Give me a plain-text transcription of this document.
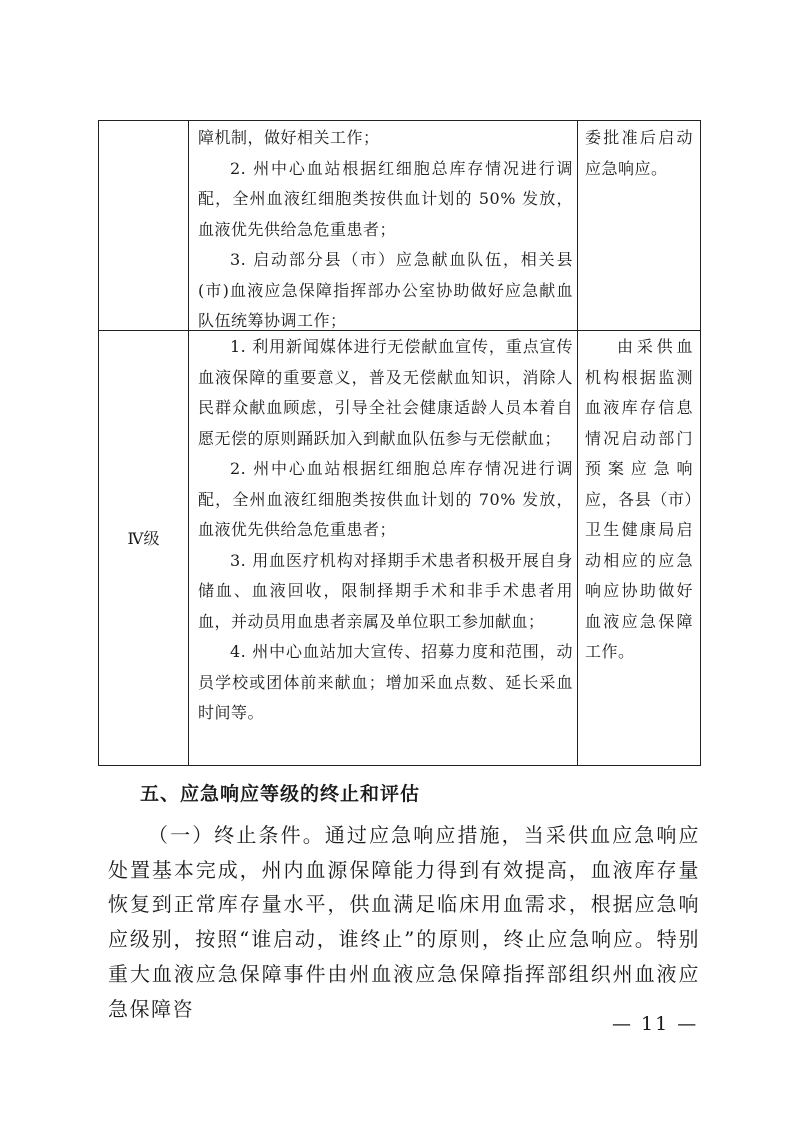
障机制，做好相关工作；
2. 州中心血站根据红细胞总库存情况进行调配，全州血液红细胞类按供血计划的 50% 发放，血液优先供给急危重患者；
3. 启动部分县（市）应急献血队伍，相关县(市)血液应急保障指挥部办公室协助做好应急献血队伍统筹协调工作；
委批准后启动应急响应。
Ⅳ级
1. 利用新闻媒体进行无偿献血宣传，重点宣传血液保障的重要意义，普及无偿献血知识，消除人民群众献血顾虑，引导全社会健康适龄人员本着自愿无偿的原则踊跃加入到献血队伍参与无偿献血；
2. 州中心血站根据红细胞总库存情况进行调配，全州血液红细胞类按供血计划的 70% 发放，血液优先供给急危重患者；
3. 用血医疗机构对择期手术患者积极开展自身储血、血液回收，限制择期手术和非手术患者用血，并动员用血患者亲属及单位职工参加献血；
4. 州中心血站加大宣传、招募力度和范围，动员学校或团体前来献血；增加采血点数、延长采血时间等。
由采供血机构根据监测血液库存信息情况启动部门预案应急响应，各县（市）卫生健康局启动相应的应急响应协助做好血液应急保障工作。
五、应急响应等级的终止和评估
（一）终止条件。通过应急响应措施，当采供血应急响应处置基本完成，州内血源保障能力得到有效提高，血液库存量恢复到正常库存量水平，供血满足临床用血需求，根据应急响应级别，按照“谁启动，谁终止”的原则，终止应急响应。特别重大血液应急保障事件由州血液应急保障指挥部组织州血液应急保障咨
— 11 —
